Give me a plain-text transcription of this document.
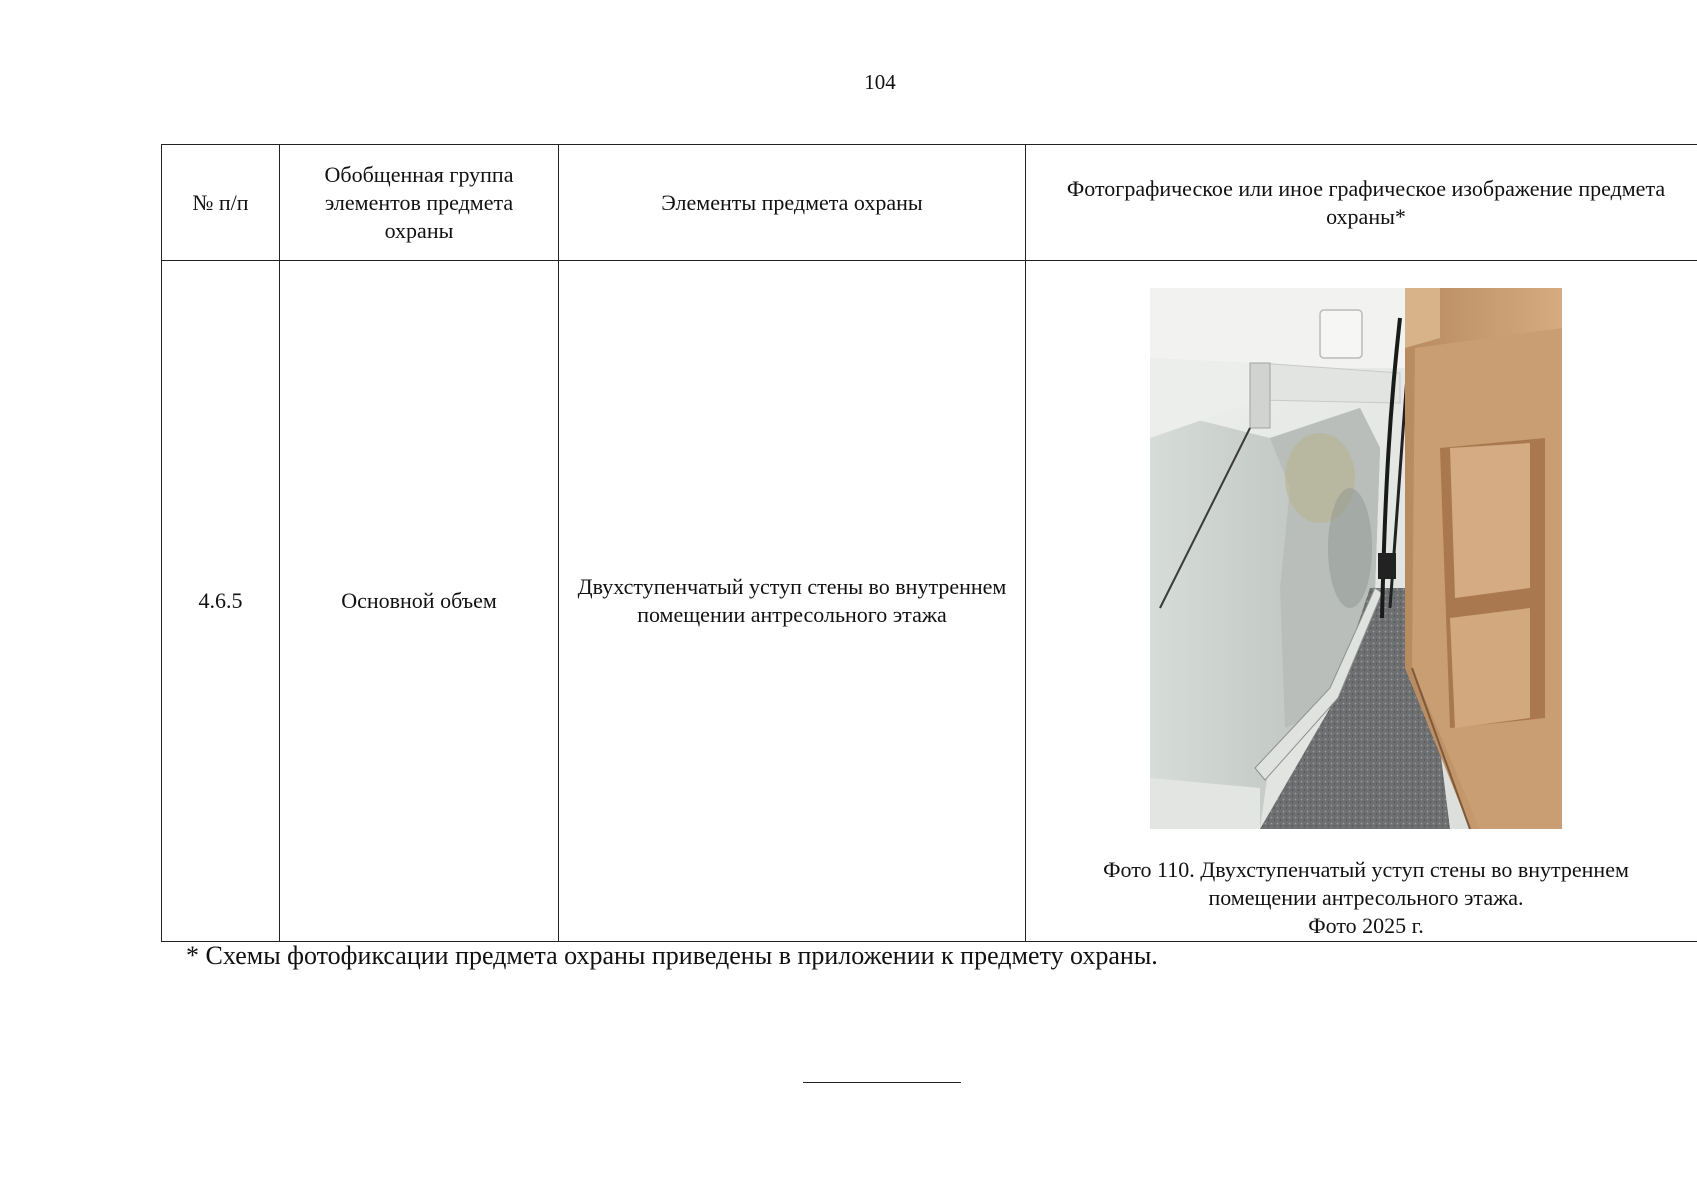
104
№ п/п	Обобщенная группа элементов предмета охраны	Элементы предмета охраны	Фотографическое или иное графическое изображение предмета охраны*
4.6.5	Основной объем	Двухступенчатый уступ стены во внутреннем помещении антресольного этажа	Фото 110. Двухступенчатый уступ стены во внутреннем помещении антресольного этажа.
Фото 2025 г.
* Схемы фотофиксации предмета охраны приведены в приложении к предмету охраны.
